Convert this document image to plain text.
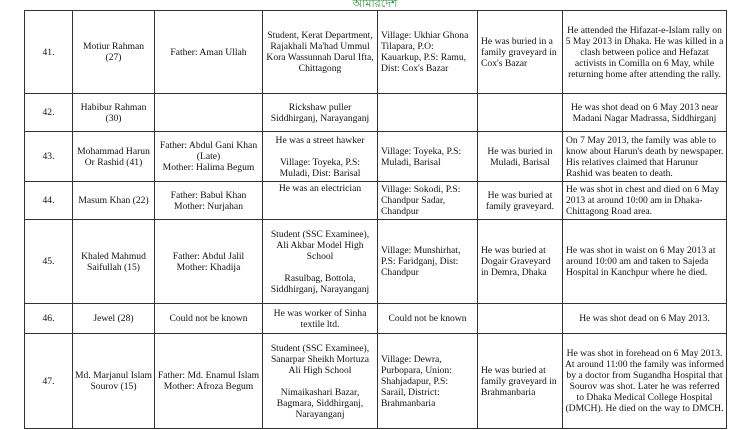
আমারদেশ
41.	Motiur Rahman (27)	Father: Aman Ullah	Student, Kerat Department, Rajakhali Ma'had Ummul Kora Wassunnah Darul Ifta, Chittagong	Village: Ukhiar Ghona Tilapara, P.O: Kauarkup, P.S: Ramu, Dist: Cox's Bazar	He was buried in a family graveyard in Cox's Bazar	He attended the Hifazat-e-Islam rally on 5 May 2013 in Dhaka. He was killed in a clash between police and Hefazat activists in Comilla on 6 May, while returning home after attending the rally.
42.	Habibur Rahman (30)		Rickshaw puller Siddhirganj, Narayanganj			He was shot dead on 6 May 2013 near Madani Nagar Madrassa, Siddhirganj
43.	Mohammad Harun Or Rashid (41)	Father: Abdul Gani Khan (Late)
Mother: Halima Begum	He was a street hawker
Village: Toyeka, P.S: Muladi, Dist: Barisal	Village: Toyeka, P.S: Muladi, Barisal	He was buried in Muladi, Barisal	On 7 May 2013, the family was able to know about Harun's death by newspaper. His relatives claimed that Harunur Rashid was beaten to death.
44.	Masum Khan (22)	Father: Babul Khan
Mother: Nurjahan	He was an electrician	Village: Sokodi, P.S: Chandpur Sadar, Chandpur	He was buried at family graveyard.	He was shot in chest and died on 6 May 2013 at around 10:00 am in Dhaka-Chittagong Road area.
45.	Khaled Mahmud Saifullah (15)	Father: Abdul Jalil
Mother: Khadija	Student (SSC Examinee), Ali Akbar Model High School
Rasulbag, Bottola, Siddhirganj, Narayanganj	Village: Munshirhat, P.S: Faridganj, Dist: Chandpur	He was buried at Dogair Graveyard in Demra, Dhaka	He was shot in waist on 6 May 2013 at around 10:00 am and taken to Sajeda Hospital in Kanchpur where he died.
46.	Jewel (28)	Could not be known	He was worker of Sinha textile ltd.	Could not be known		He was shot dead on 6 May 2013.
47.	Md. Marjanul Islam Sourov (15)	Father: Md. Enamul Islam
Mother: Afroza Begum	Student (SSC Examinee), Sanarpar Sheikh Mortuza Ali High School
Nimaikashari Bazar, Bagmara, Siddhirganj, Narayanganj	Village: Dewra, Purbopara, Union: Shahjadapur, P.S: Sarail, District: Brahmanbaria	He was buried at family graveyard in Brahmanbaria	He was shot in forehead on 6 May 2013. At around 11:00 the family was informed by a doctor from Sugandha Hospital that Sourov was shot. Later he was referred to Dhaka Medical College Hospital (DMCH). He died on the way to DMCH.
